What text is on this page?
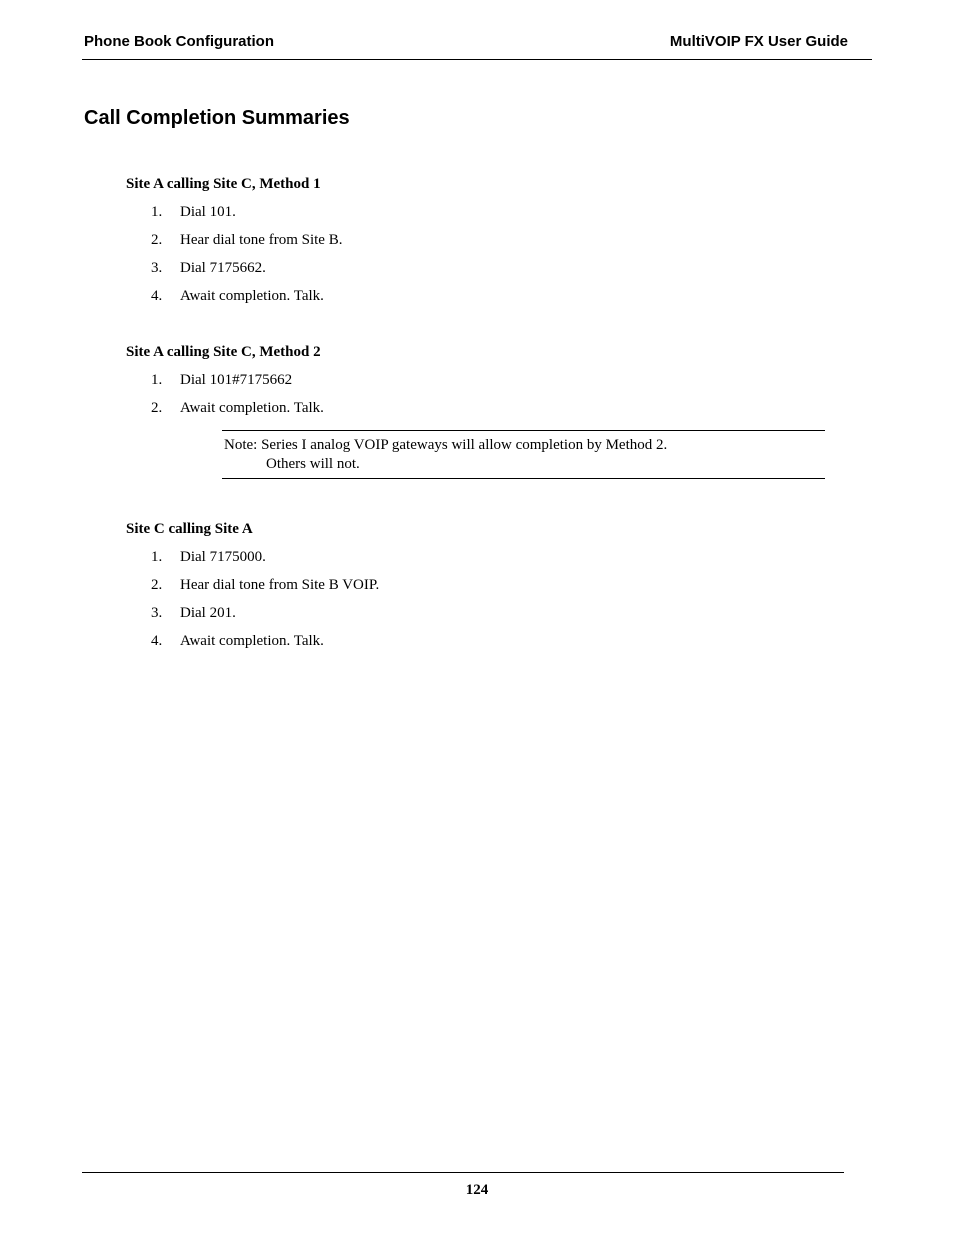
Phone Book Configuration	MultiVOIP FX User Guide
Call Completion Summaries
Site A calling Site C, Method 1
1. Dial 101.
2. Hear dial tone from Site B.
3. Dial 7175662.
4. Await completion. Talk.
Site A calling Site C, Method 2
1. Dial 101#7175662
2. Await completion. Talk.
Note: Series I analog VOIP gateways will allow completion by Method 2.
Others will not.
Site C calling Site A
1. Dial 7175000.
2. Hear dial tone from Site B VOIP.
3. Dial 201.
4. Await completion. Talk.
124
